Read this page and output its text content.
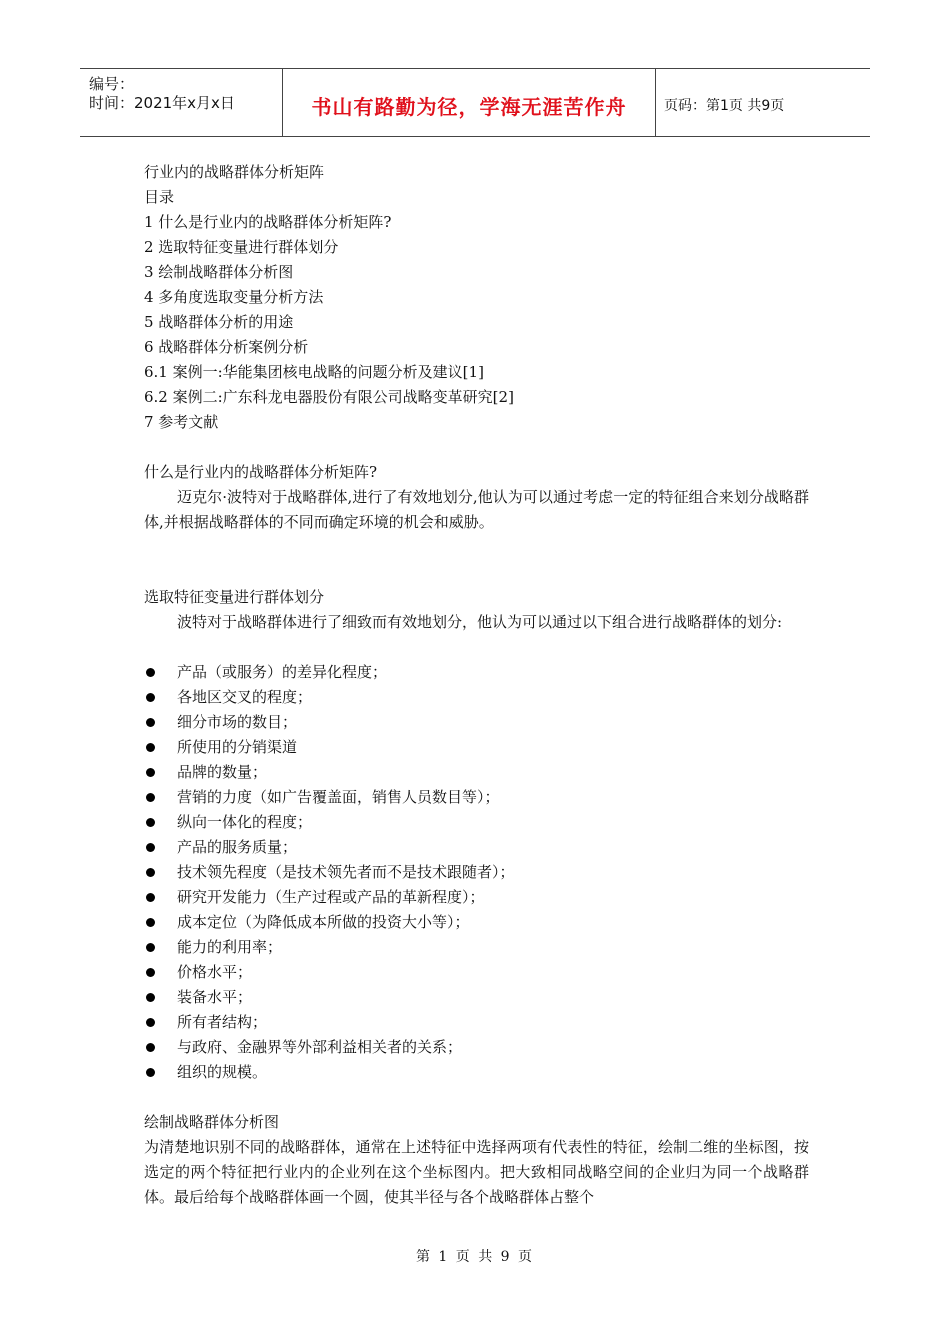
编号：
时间：2021年x月x日	书山有路勤为径，学海无涯苦作舟	页码：第1页 共9页
行业内的战略群体分析矩阵
目录
1 什么是行业内的战略群体分析矩阵?
2 选取特征变量进行群体划分
3 绘制战略群体分析图
4 多角度选取变量分析方法
5 战略群体分析的用途
6 战略群体分析案例分析
6.1 案例一:华能集团核电战略的问题分析及建议[1]
6.2 案例二:广东科龙电器股份有限公司战略变革研究[2]
7 参考文献
什么是行业内的战略群体分析矩阵?
迈克尔·波特对于战略群体,进行了有效地划分,他认为可以通过考虑一定的特征组合来划分战略群体,并根据战略群体的不同而确定环境的机会和威胁。
选取特征变量进行群体划分
波特对于战略群体进行了细致而有效地划分，他认为可以通过以下组合进行战略群体的划分:
产品（或服务）的差异化程度；
各地区交叉的程度；
细分市场的数目；
所使用的分销渠道
品牌的数量；
营销的力度（如广告覆盖面，销售人员数目等）；
纵向一体化的程度；
产品的服务质量；
技术领先程度（是技术领先者而不是技术跟随者）；
研究开发能力（生产过程或产品的革新程度）；
成本定位（为降低成本所做的投资大小等）；
能力的利用率；
价格水平；
装备水平；
所有者结构；
与政府、金融界等外部利益相关者的关系；
组织的规模。
绘制战略群体分析图
为清楚地识别不同的战略群体，通常在上述特征中选择两项有代表性的特征，绘制二维的坐标图，按选定的两个特征把行业内的企业列在这个坐标图内。把大致相同战略空间的企业归为同一个战略群体。最后给每个战略群体画一个圆，使其半径与各个战略群体占整个
第 1 页 共 9 页
